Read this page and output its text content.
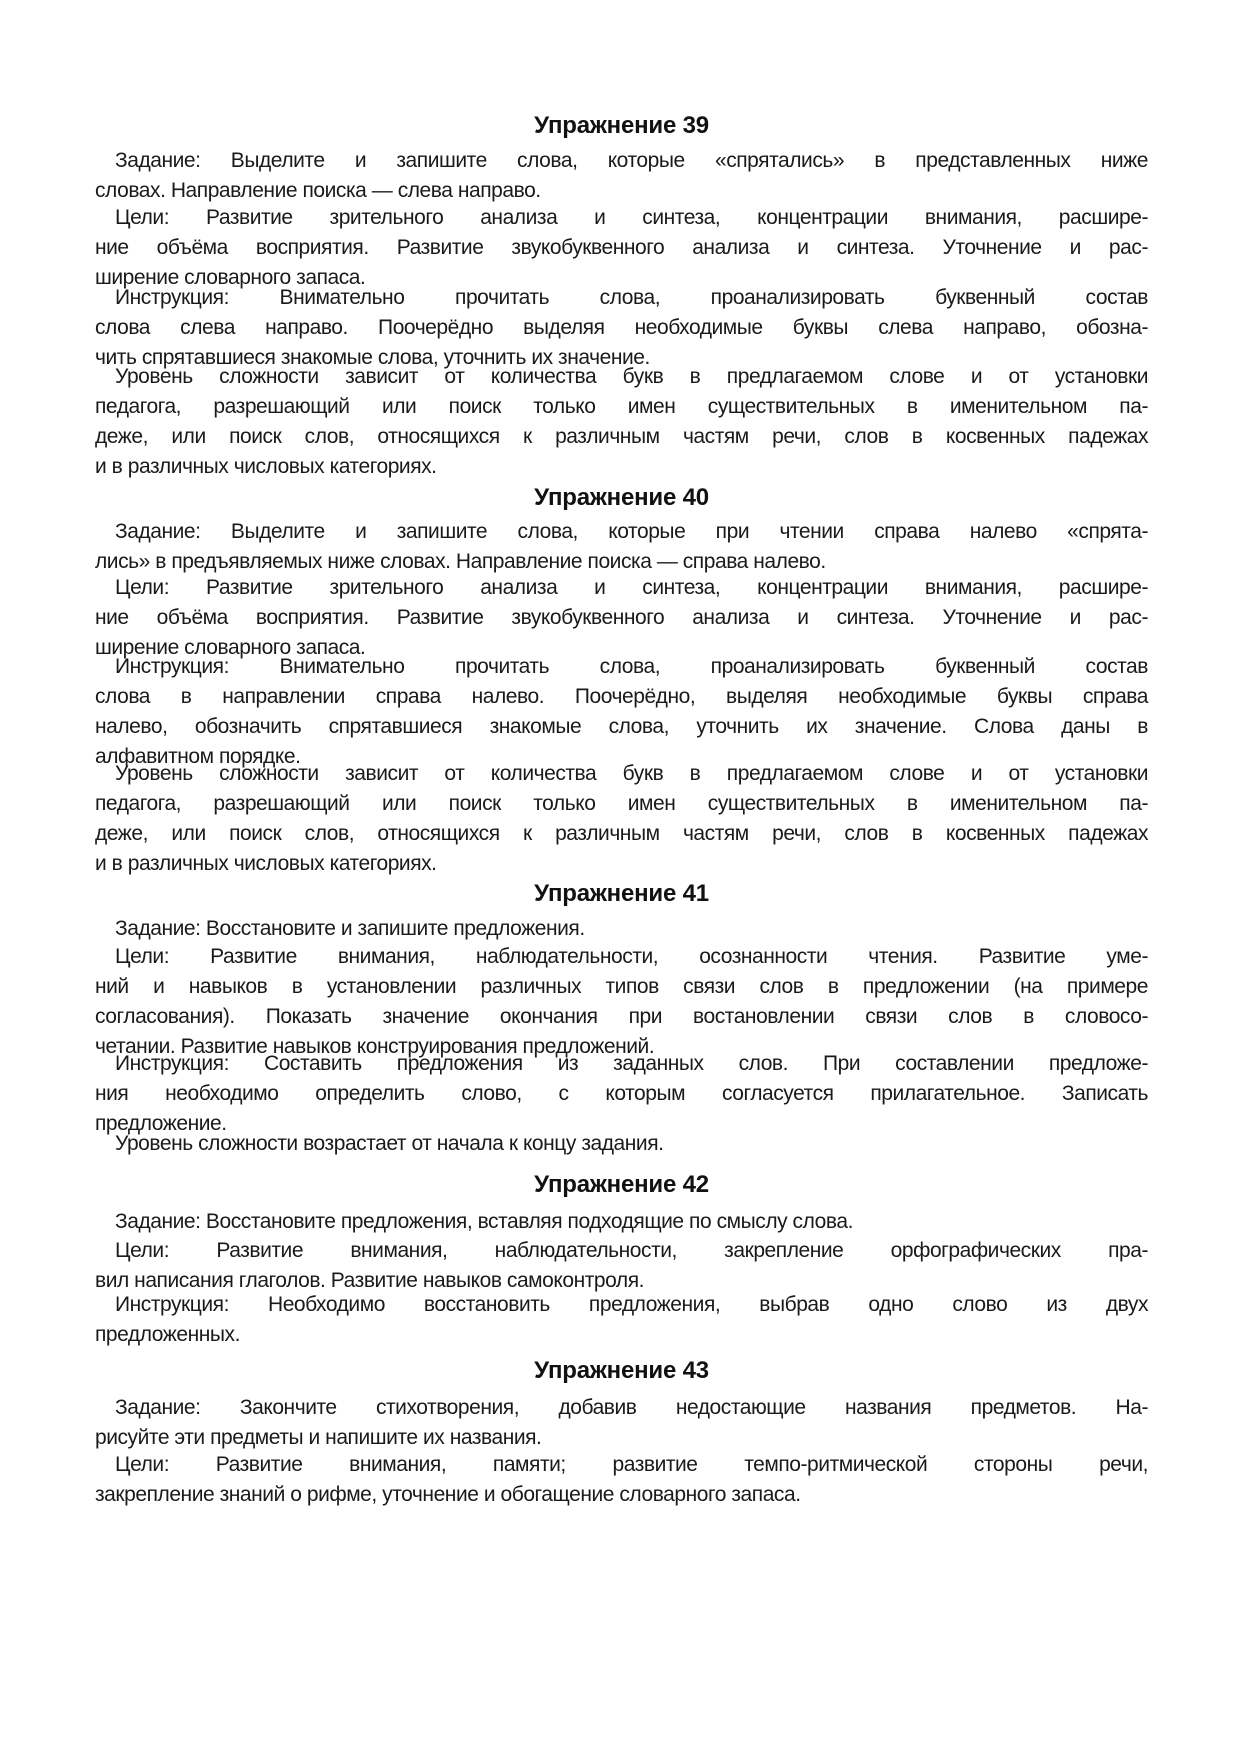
Упражнение 39
Задание: Выделите и запишите слова, которые «спрятались» в представленных ниже
словах. Направление поиска — слева направо.
Цели: Развитие зрительного анализа и синтеза, концентрации внимания, расшире-
ние объёма восприятия. Развитие звукобуквенного анализа и синтеза. Уточнение и рас-
ширение словарного запаса.
Инструкция: Внимательно прочитать слова, проанализировать буквенный состав
слова слева направо. Поочерёдно выделяя необходимые буквы слева направо, обозна-
чить спрятавшиеся знакомые слова, уточнить их значение.
Уровень сложности зависит от количества букв в предлагаемом слове и от установки
педагога, разрешающий или поиск только имен существительных в именительном па-
деже, или поиск слов, относящихся к различным частям речи, слов в косвенных падежах
и в различных числовых категориях.
Упражнение 40
Задание: Выделите и запишите слова, которые при чтении справа налево «спрята-
лись» в предъявляемых ниже словах. Направление поиска — справа налево.
Цели: Развитие зрительного анализа и синтеза, концентрации внимания, расшире-
ние объёма восприятия. Развитие звукобуквенного анализа и синтеза. Уточнение и рас-
ширение словарного запаса.
Инструкция: Внимательно прочитать слова, проанализировать буквенный состав
слова в направлении справа налево. Поочерёдно, выделяя необходимые буквы справа
налево, обозначить спрятавшиеся знакомые слова, уточнить их значение. Слова даны в
алфавитном порядке.
Уровень сложности зависит от количества букв в предлагаемом слове и от установки
педагога, разрешающий или поиск только имен существительных в именительном па-
деже, или поиск слов, относящихся к различным частям речи, слов в косвенных падежах
и в различных числовых категориях.
Упражнение 41
Задание: Восстановите и запишите предложения.
Цели: Развитие внимания, наблюдательности, осознанности чтения. Развитие уме-
ний и навыков в установлении различных типов связи слов в предложении (на примере
согласования). Показать значение окончания при востановлении связи слов в словосо-
четании. Развитие навыков конструирования предложений.
Инструкция: Составить предложения из заданных слов. При составлении предложе-
ния необходимо определить слово, с которым согласуется прилагательное. Записать
предложение.
Уровень сложности возрастает от начала к концу задания.
Упражнение 42
Задание: Восстановите предложения, вставляя подходящие по смыслу слова.
Цели: Развитие внимания, наблюдательности, закрепление орфографических пра-
вил написания глаголов. Развитие навыков самоконтроля.
Инструкция: Необходимо восстановить предложения, выбрав одно слово из двух
предложенных.
Упражнение 43
Задание: Закончите стихотворения, добавив недостающие названия предметов. На-
рисуйте эти предметы и напишите их названия.
Цели: Развитие внимания, памяти; развитие темпо-ритмической стороны речи,
закрепление знаний о рифме, уточнение и обогащение словарного запаса.
